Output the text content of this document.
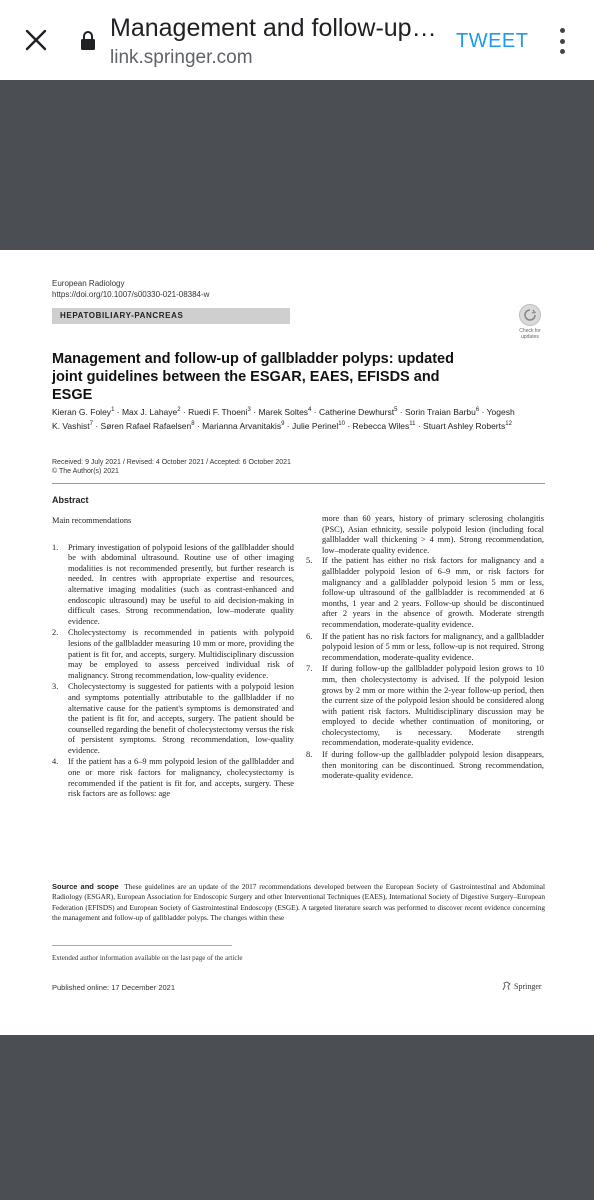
Management and follow-up…
link.springer.com
TWEET
European Radiology
https://doi.org/10.1007/s00330-021-08384-w
HEPATOBILIARY-PANCREAS
Check for updates
Management and follow-up of gallbladder polyps: updated joint guidelines between the ESGAR, EAES, EFISDS and ESGE
Kieran G. Foley$^1$ · Max J. Lahaye$^2$ · Ruedi F. Thoeni$^3$ · Marek Soltes$^4$ · Catherine Dewhurst$^5$ · Sorin Traian Barbu$^6$ · Yogesh K. Vashist$^7$ · Søren Rafael Rafaelsen$^8$ · Marianna Arvanitakis$^9$ · Julie Perinel$^{10}$ · Rebecca Wiles$^{11}$ · Stuart Ashley Roberts$^{12}$
Received: 9 July 2021 / Revised: 4 October 2021 / Accepted: 6 October 2021
© The Author(s) 2021
Abstract
Main recommendations
1. Primary investigation of polypoid lesions of the gallbladder should be with abdominal ultrasound. Routine use of other imaging modalities is not recommended presently, but further research is needed. In centres with appropriate expertise and resources, alternative imaging modalities (such as contrast-enhanced and endoscopic ultrasound) may be useful to aid decision-making in difficult cases. Strong recommendation, low–moderate quality evidence.
2. Cholecystectomy is recommended in patients with polypoid lesions of the gallbladder measuring 10 mm or more, providing the patient is fit for, and accepts, surgery. Multidisciplinary discussion may be employed to assess perceived individual risk of malignancy. Strong recommendation, low-quality evidence.
3. Cholecystectomy is suggested for patients with a polypoid lesion and symptoms potentially attributable to the gallbladder if no alternative cause for the patient's symptoms is demonstrated and the patient is fit for, and accepts, surgery. The patient should be counselled regarding the benefit of cholecystectomy versus the risk of persistent symptoms. Strong recommendation, low-quality evidence.
4. If the patient has a 6–9 mm polypoid lesion of the gallbladder and one or more risk factors for malignancy, cholecystectomy is recommended if the patient is fit for, and accepts, surgery. These risk factors are as follows: age
more than 60 years, history of primary sclerosing cholangitis (PSC), Asian ethnicity, sessile polypoid lesion (including focal gallbladder wall thickening > 4 mm). Strong recommendation, low–moderate quality evidence.
5. If the patient has either no risk factors for malignancy and a gallbladder polypoid lesion of 6–9 mm, or risk factors for malignancy and a gallbladder polypoid lesion 5 mm or less, follow-up ultrasound of the gallbladder is recommended at 6 months, 1 year and 2 years. Follow-up should be discontinued after 2 years in the absence of growth. Moderate strength recommendation, moderate-quality evidence.
6. If the patient has no risk factors for malignancy, and a gallbladder polypoid lesion of 5 mm or less, follow-up is not required. Strong recommendation, moderate-quality evidence.
7. If during follow-up the gallbladder polypoid lesion grows to 10 mm, then cholecystectomy is advised. If the polypoid lesion grows by 2 mm or more within the 2-year follow-up period, then the current size of the polypoid lesion should be considered along with patient risk factors. Multidisciplinary discussion may be employed to decide whether continuation of monitoring, or cholecystectomy, is necessary. Moderate strength recommendation, moderate-quality evidence.
8. If during follow-up the gallbladder polypoid lesion disappears, then monitoring can be discontinued. Strong recommendation, moderate-quality evidence.
Source and scope These guidelines are an update of the 2017 recommendations developed between the European Society of Gastrointestinal and Abdominal Radiology (ESGAR), European Association for Endoscopic Surgery and other Interventional Techniques (EAES), International Society of Digestive Surgery–European Federation (EFISDS) and European Society of Gastrointestinal Endoscopy (ESGE). A targeted literature search was performed to discover recent evidence concerning the management and follow-up of gallbladder polyps. The changes within these
Extended author information available on the last page of the article
Published online: 17 December 2021	Springer
